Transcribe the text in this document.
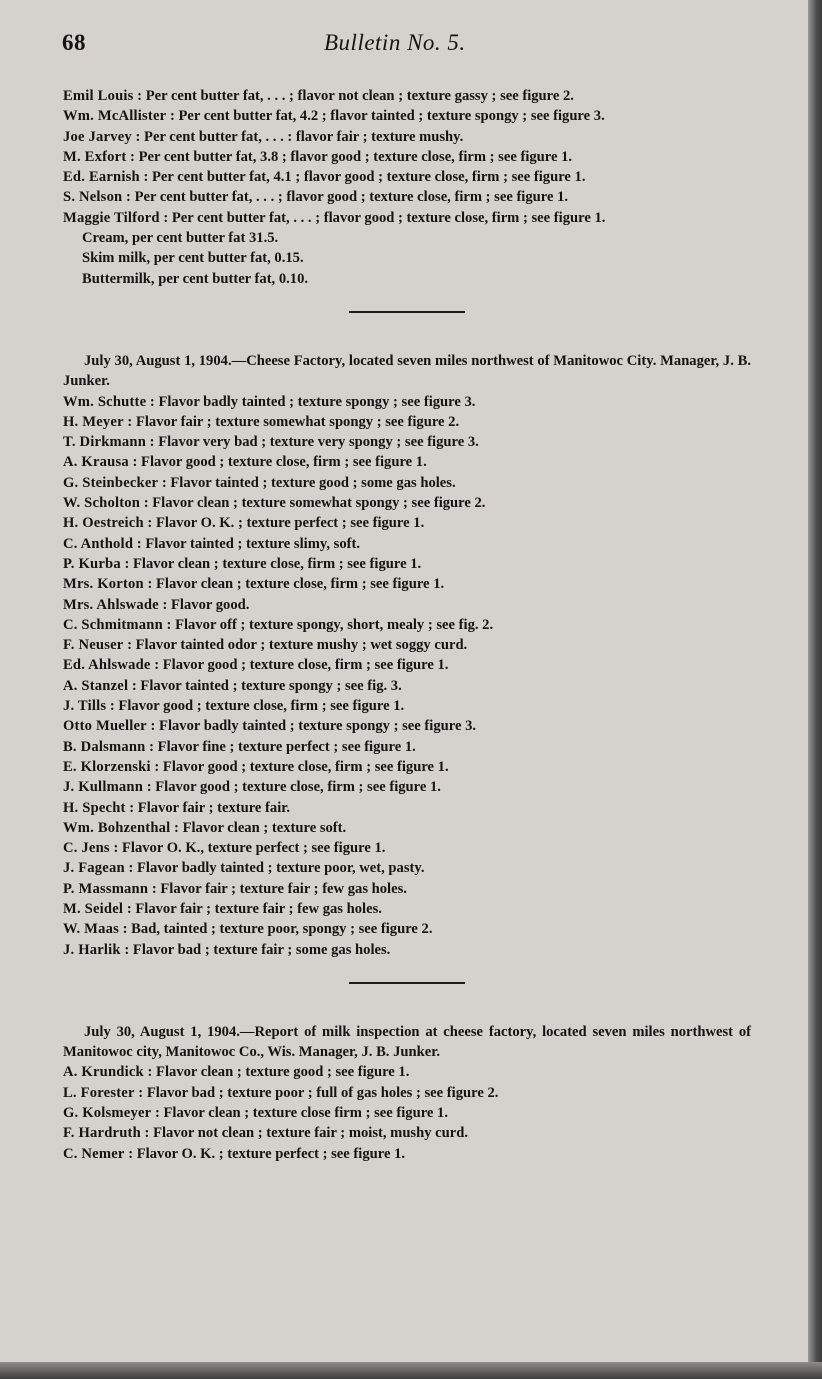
68	Bulletin No. 5.

Emil Louis : Per cent butter fat, . . . ; flavor not clean ; texture gassy ; see figure 2.

Wm. McAllister : Per cent butter fat, 4.2 ; flavor tainted ; texture spongy ; see figure 3.

Joe Jarvey : Per cent butter fat, . . . : flavor fair ; texture mushy.

M. Exfort : Per cent butter fat, 3.8 ; flavor good ; texture close, firm ; see figure 1.

Ed. Earnish : Per cent butter fat, 4.1 ; flavor good ; texture close, firm ; see figure 1.

S. Nelson : Per cent butter fat, . . . ; flavor good ; texture close, firm ; see figure 1.

Maggie Tilford : Per cent butter fat, . . . ; flavor good ; texture close, firm ; see figure 1.

Cream, per cent butter fat 31.5.

Skim milk, per cent butter fat, 0.15.

Buttermilk, per cent butter fat, 0.10.

July 30, August 1, 1904.—Cheese Factory, located seven miles northwest of Manitowoc City. Manager, J. B. Junker.

Wm. Schutte : Flavor badly tainted ; texture spongy ; see figure 3.

H. Meyer : Flavor fair ; texture somewhat spongy ; see figure 2.

T. Dirkmann : Flavor very bad ; texture very spongy ; see figure 3.

A. Krausa : Flavor good ; texture close, firm ; see figure 1.

G. Steinbecker : Flavor tainted ; texture good ; some gas holes.

W. Scholton : Flavor clean ; texture somewhat spongy ; see figure 2.

H. Oestreich : Flavor O. K. ; texture perfect ; see figure 1.

C. Anthold : Flavor tainted ; texture slimy, soft.

P. Kurba : Flavor clean ; texture close, firm ; see figure 1.

Mrs. Korton : Flavor clean ; texture close, firm ; see figure 1.

Mrs. Ahlswade : Flavor good.

C. Schmitmann : Flavor off ; texture spongy, short, mealy ; see fig. 2.

F. Neuser : Flavor tainted odor ; texture mushy ; wet soggy curd.

Ed. Ahlswade : Flavor good ; texture close, firm ; see figure 1.

A. Stanzel : Flavor tainted ; texture spongy ; see fig. 3.

J. Tills : Flavor good ; texture close, firm ; see figure 1.

Otto Mueller : Flavor badly tainted ; texture spongy ; see figure 3.

B. Dalsmann : Flavor fine ; texture perfect ; see figure 1.

E. Klorzenski : Flavor good ; texture close, firm ; see figure 1.

J. Kullmann : Flavor good ; texture close, firm ; see figure 1.

H. Specht : Flavor fair ; texture fair.

Wm. Bohzenthal : Flavor clean ; texture soft.

C. Jens : Flavor O. K., texture perfect ; see figure 1.

J. Fagean : Flavor badly tainted ; texture poor, wet, pasty.

P. Massmann : Flavor fair ; texture fair ; few gas holes.

M. Seidel : Flavor fair ; texture fair ; few gas holes.

W. Maas : Bad, tainted ; texture poor, spongy ; see figure 2.

J. Harlik : Flavor bad ; texture fair ; some gas holes.

July 30, August 1, 1904.—Report of milk inspection at cheese factory, located seven miles northwest of Manitowoc city, Manitowoc Co., Wis. Manager, J. B. Junker.

A. Krundick : Flavor clean ; texture good ; see figure 1.

L. Forester : Flavor bad ; texture poor ; full of gas holes ; see figure 2.

G. Kolsmeyer : Flavor clean ; texture close firm ; see figure 1.

F. Hardruth : Flavor not clean ; texture fair ; moist, mushy curd.

C. Nemer : Flavor O. K. ; texture perfect ; see figure 1.
